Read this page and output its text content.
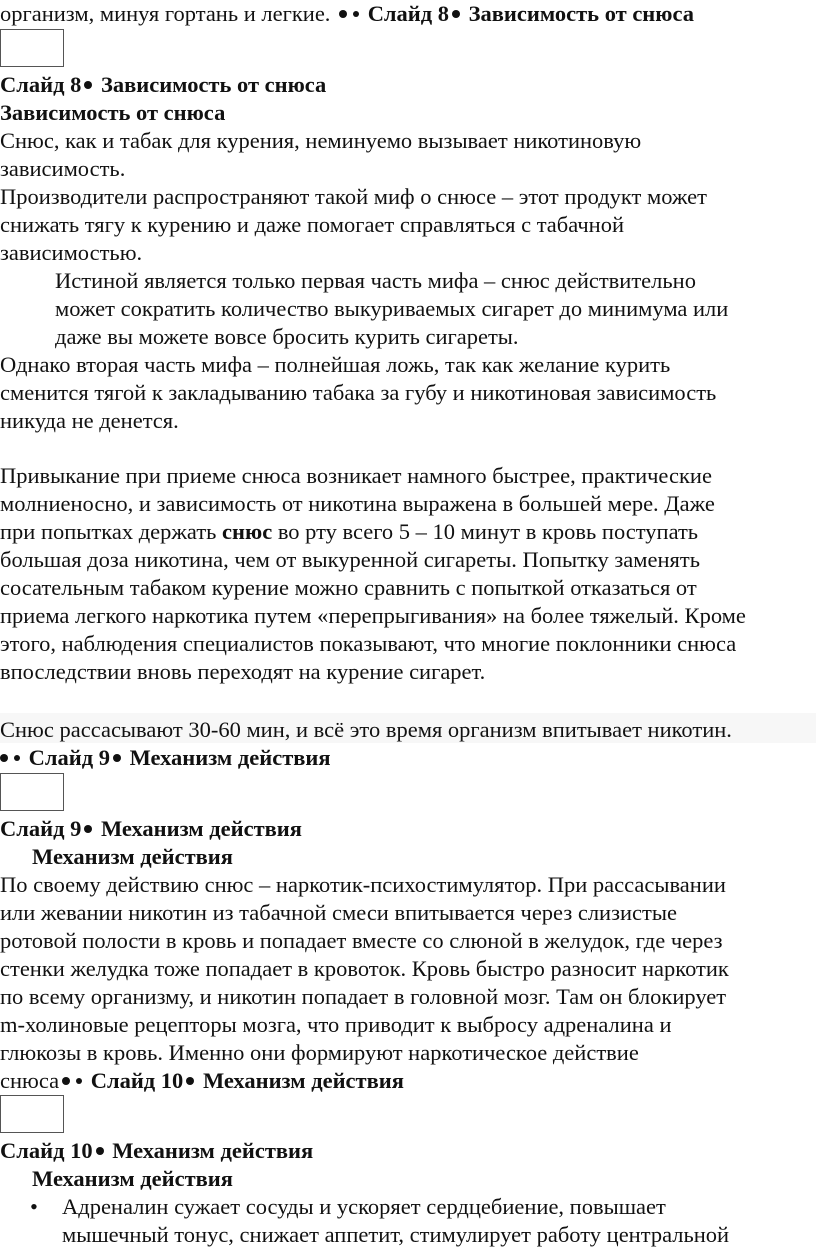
организм, минуя гортань и легкие. Слайд 8 Зависимость от снюса
Слайд 8 Зависимость от снюса
Зависимость от снюса
Снюс, как и табак для курения, неминуемо вызывает никотиновую
зависимость.
Производители распространяют такой миф о снюсе – этот продукт может
снижать тягу к курению и даже помогает справляться с табачной
зависимостью.
Истиной является только первая часть мифа – снюс действительно
может сократить количество выкуриваемых сигарет до минимума или
даже вы можете вовсе бросить курить сигареты.
Однако вторая часть мифа – полнейшая ложь, так как желание курить
сменится тягой к закладыванию табака за губу и никотиновая зависимость
никуда не денется.
Привыкание при приеме снюса возникает намного быстрее, практические
молниеносно, и зависимость от никотина выражена в большей мере. Даже
при попытках держать снюс во рту всего 5 – 10 минут в кровь поступать
большая доза никотина, чем от выкуренной сигареты. Попытку заменять
сосательным табаком курение можно сравнить с попыткой отказаться от
приема легкого наркотика путем «перепрыгивания» на более тяжелый. Кроме
этого, наблюдения специалистов показывают, что многие поклонники снюса
впоследствии вновь переходят на курение сигарет.
Снюс рассасывают 30-60 мин, и всё это время организм впитывает никотин.
Слайд 9 Механизм действия
Слайд 9 Механизм действия
Механизм действия
По своему действию снюс – наркотик-психостимулятор. При рассасывании
или жевании никотин из табачной смеси впитывается через слизистые
ротовой полости в кровь и попадает вместе со слюной в желудок, где через
стенки желудка тоже попадает в кровоток. Кровь быстро разносит наркотик
по всему организму, и никотин попадает в головной мозг. Там он блокирует
m-холиновые рецепторы мозга, что приводит к выбросу адреналина и
глюкозы в кровь. Именно они формируют наркотическое действие
снюса Слайд 10 Механизм действия
Слайд 10 Механизм действия
Механизм действия
• Адреналин сужает сосуды и ускоряет сердцебиение, повышает
мышечный тонус, снижает аппетит, стимулирует работу центральной
